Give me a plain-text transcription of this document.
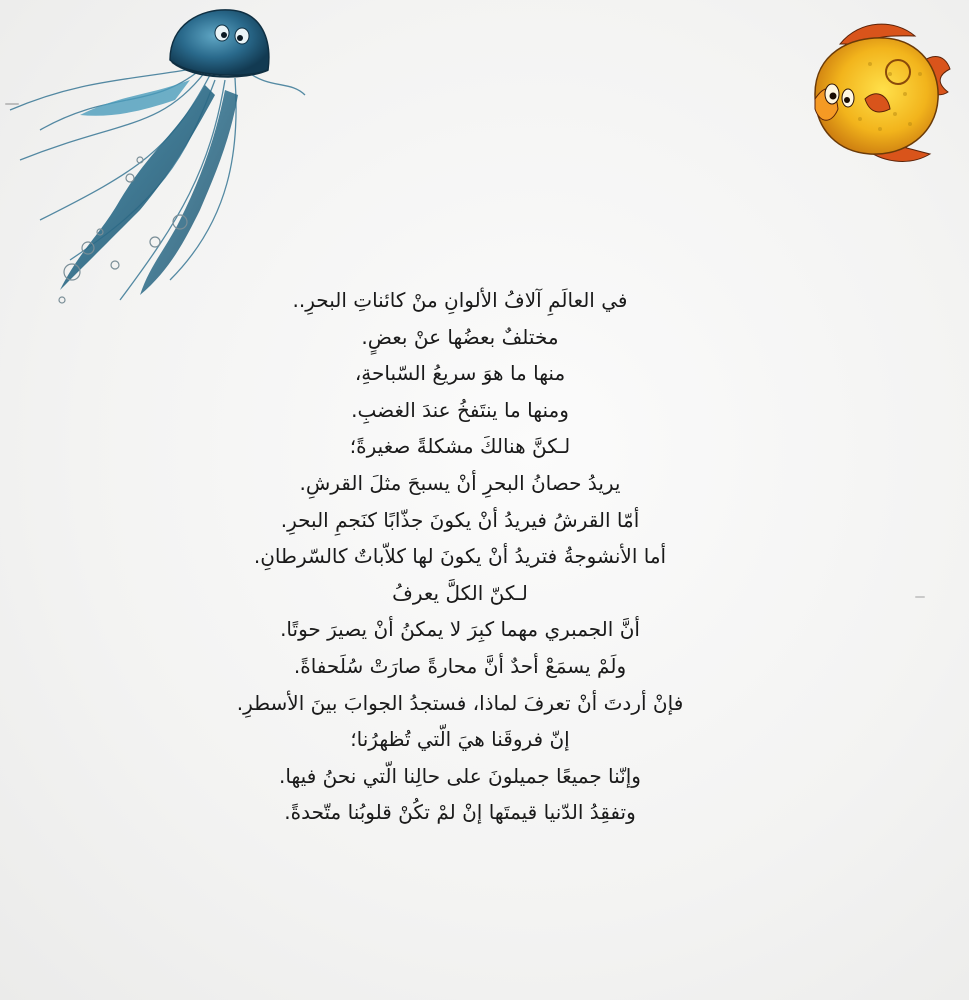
في العالَمِ آلافُ الألوانِ منْ كائناتِ البحرِ..
مختلفٌ بعضُها عنْ بعضٍ.
منها ما هوَ سريعُ السّباحةِ،
ومنها ما ينتَفخُ عندَ الغضبِ.
لـكنَّ هنالكَ مشكلةً صغيرةً؛
يريدُ حصانُ البحرِ أنْ يسبحَ مثلَ القرشِ.
أمّا القرشُ فيريدُ أنْ يكونَ جذّابًا كنَجمِ البحرِ.
أما الأنشوجةُ فتريدُ أنْ يكونَ لها كلاّباتٌ كالسّرطانِ.
لـكنّ الكلَّ يعرفُ
أنَّ الجمبري مهما كبِرَ لا يمكنُ أنْ يصيرَ حوتًا.
ولَمْ يسمَعْ أحدٌ أنَّ محارةً صارَتْ سُلَحفاةً.
فإنْ أردتَ أنْ تعرفَ لماذا، فستجدُ الجوابَ بينَ الأسطرِ.
إنّ فروقَنا هيَ الّتي تُظهرُنا؛
وإنّنا جميعًا جميلونَ على حالِنا الّتي نحنُ فيها.
وتفقِدُ الدّنيا قيمتَها إنْ لمْ تكُنْ قلوبُنا متّحدةً.
